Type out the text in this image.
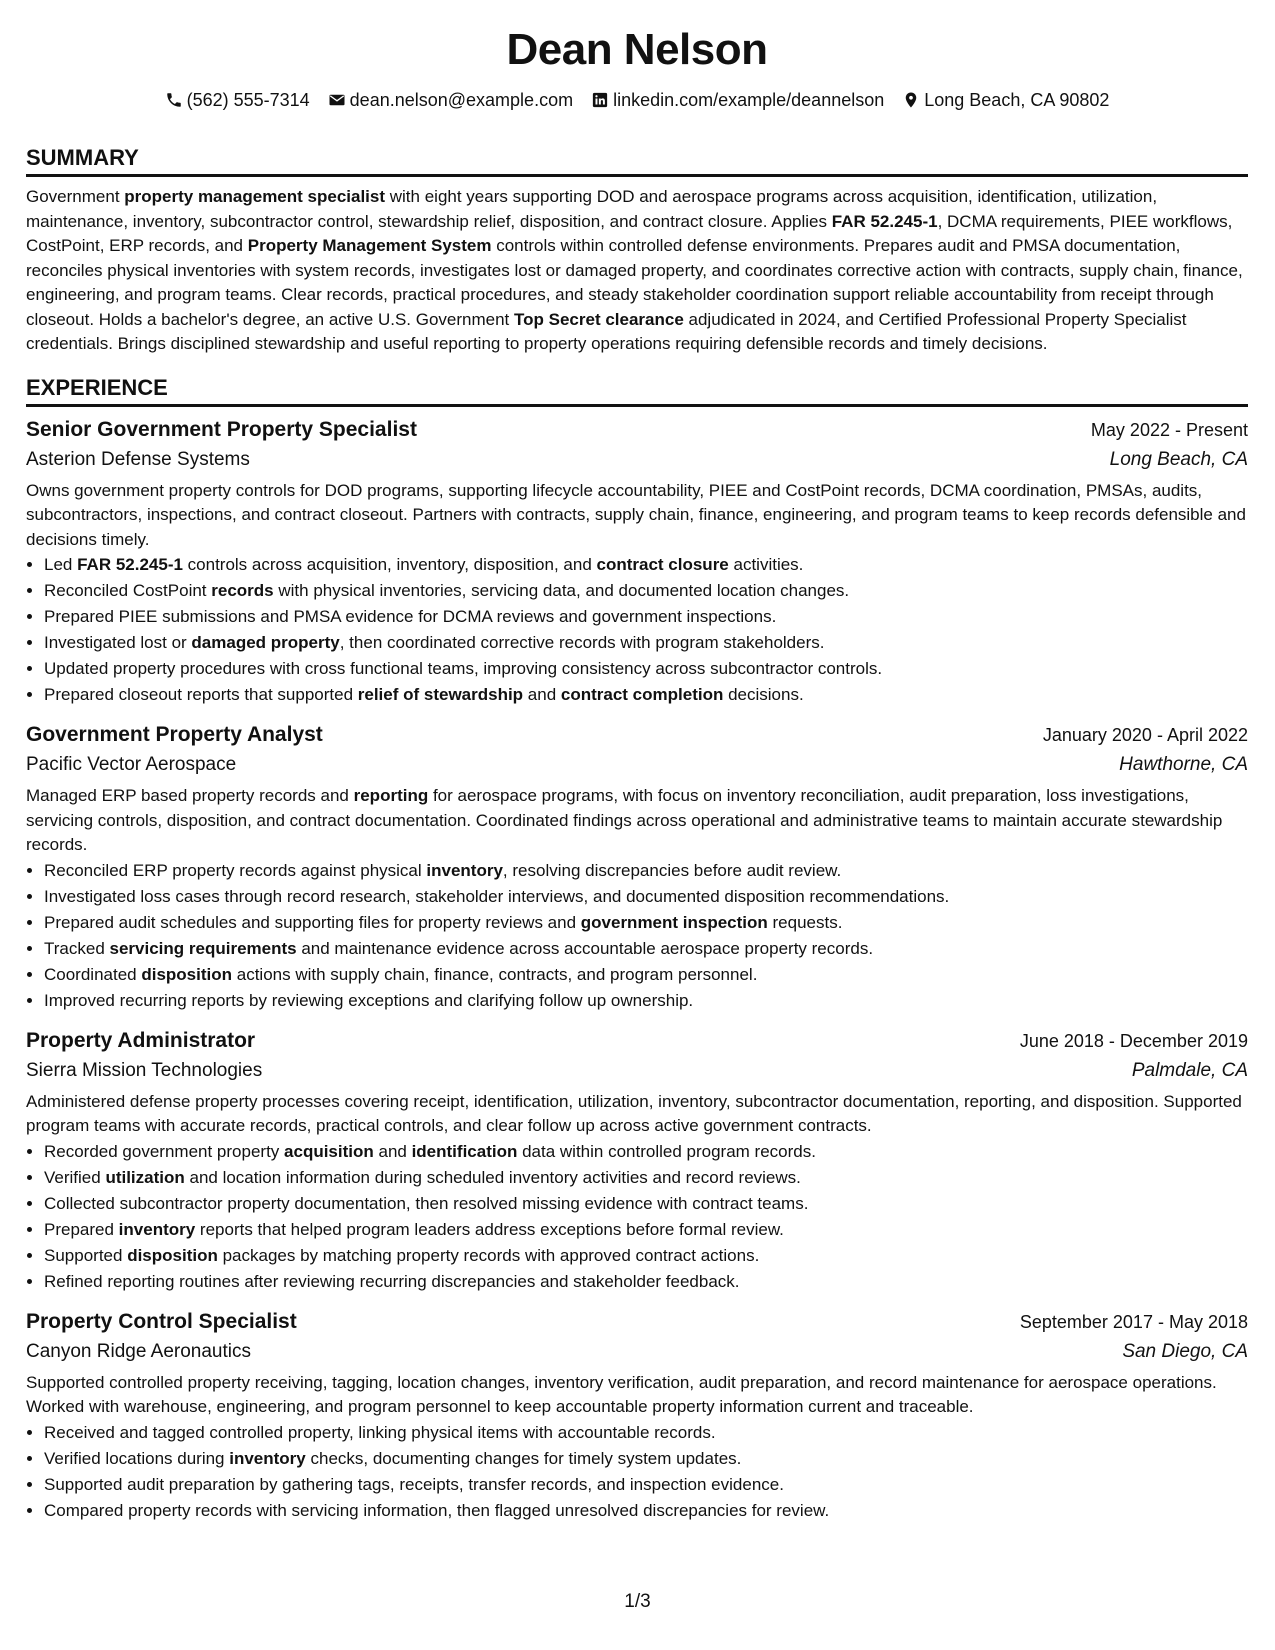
Dean Nelson
(562) 555-7314 dean.nelson@example.com linkedin.com/example/deannelson Long Beach, CA 90802
SUMMARY

Government property management specialist with eight years supporting DOD and aerospace programs across acquisition, identification, utilization, maintenance, inventory, subcontractor control, stewardship relief, disposition, and contract closure. Applies FAR 52.245-1, DCMA requirements, PIEE workflows, CostPoint, ERP records, and Property Management System controls within controlled defense environments. Prepares audit and PMSA documentation, reconciles physical inventories with system records, investigates lost or damaged property, and coordinates corrective action with contracts, supply chain, finance, engineering, and program teams. Clear records, practical procedures, and steady stakeholder coordination support reliable accountability from receipt through closeout. Holds a bachelor's degree, an active U.S. Government Top Secret clearance adjudicated in 2024, and Certified Professional Property Specialist credentials. Brings disciplined stewardship and useful reporting to property operations requiring defensible records and timely decisions.

EXPERIENCE
Senior Government Property Specialist	May 2022 - Present
Asterion Defense Systems	Long Beach, CA

Owns government property controls for DOD programs, supporting lifecycle accountability, PIEE and CostPoint records, DCMA coordination, PMSAs, audits, subcontractors, inspections, and contract closeout. Partners with contracts, supply chain, finance, engineering, and program teams to keep records defensible and decisions timely.

• Led FAR 52.245-1 controls across acquisition, inventory, disposition, and contract closure activities.
• Reconciled CostPoint records with physical inventories, servicing data, and documented location changes.
• Prepared PIEE submissions and PMSA evidence for DCMA reviews and government inspections.
• Investigated lost or damaged property, then coordinated corrective records with program stakeholders.
• Updated property procedures with cross functional teams, improving consistency across subcontractor controls.
• Prepared closeout reports that supported relief of stewardship and contract completion decisions.
Government Property Analyst	January 2020 - April 2022
Pacific Vector Aerospace	Hawthorne, CA

Managed ERP based property records and reporting for aerospace programs, with focus on inventory reconciliation, audit preparation, loss investigations, servicing controls, disposition, and contract documentation. Coordinated findings across operational and administrative teams to maintain accurate stewardship records.

• Reconciled ERP property records against physical inventory, resolving discrepancies before audit review.
• Investigated loss cases through record research, stakeholder interviews, and documented disposition recommendations.
• Prepared audit schedules and supporting files for property reviews and government inspection requests.
• Tracked servicing requirements and maintenance evidence across accountable aerospace property records.
• Coordinated disposition actions with supply chain, finance, contracts, and program personnel.
• Improved recurring reports by reviewing exceptions and clarifying follow up ownership.
Property Administrator	June 2018 - December 2019
Sierra Mission Technologies	Palmdale, CA

Administered defense property processes covering receipt, identification, utilization, inventory, subcontractor documentation, reporting, and disposition. Supported program teams with accurate records, practical controls, and clear follow up across active government contracts.

• Recorded government property acquisition and identification data within controlled program records.
• Verified utilization and location information during scheduled inventory activities and record reviews.
• Collected subcontractor property documentation, then resolved missing evidence with contract teams.
• Prepared inventory reports that helped program leaders address exceptions before formal review.
• Supported disposition packages by matching property records with approved contract actions.
• Refined reporting routines after reviewing recurring discrepancies and stakeholder feedback.
Property Control Specialist	September 2017 - May 2018
Canyon Ridge Aeronautics	San Diego, CA

Supported controlled property receiving, tagging, location changes, inventory verification, audit preparation, and record maintenance for aerospace operations. Worked with warehouse, engineering, and program personnel to keep accountable property information current and traceable.

• Received and tagged controlled property, linking physical items with accountable records.
• Verified locations during inventory checks, documenting changes for timely system updates.
• Supported audit preparation by gathering tags, receipts, transfer records, and inspection evidence.
• Compared property records with servicing information, then flagged unresolved discrepancies for review.
1/3
